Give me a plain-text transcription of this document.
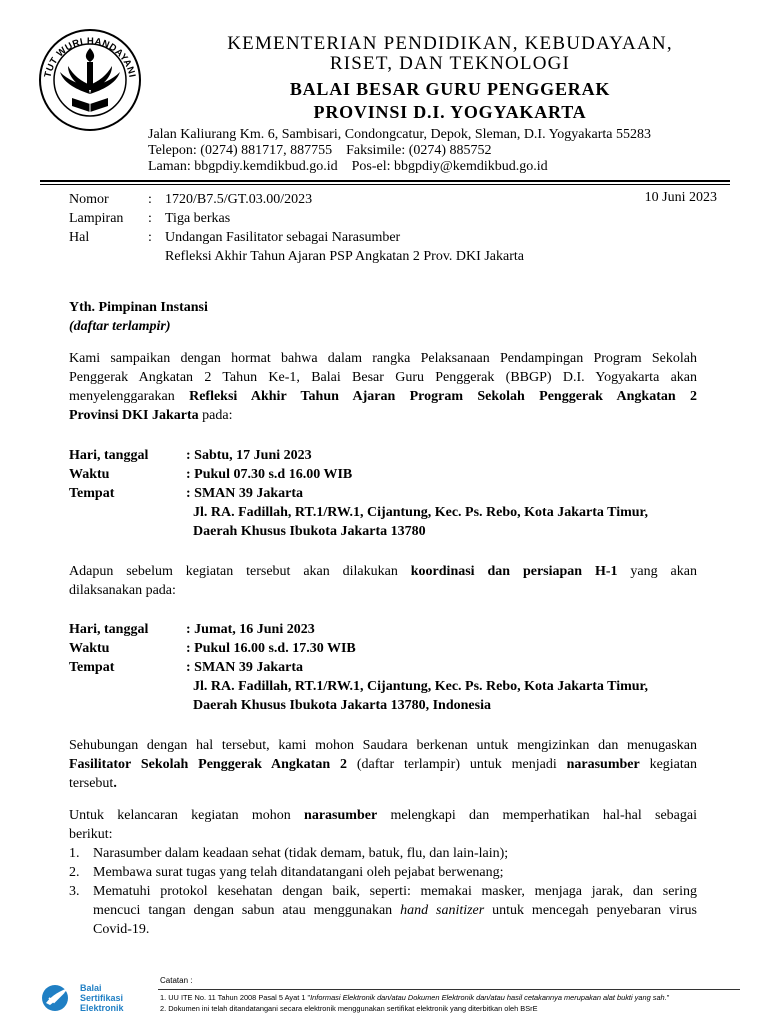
TUT WURI HANDAYANI
KEMENTERIAN PENDIDIKAN, KEBUDAYAAN,
RISET, DAN TEKNOLOGI
BALAI BESAR GURU PENGGERAK
PROVINSI D.I. YOGYAKARTA
Jalan Kaliurang Km. 6, Sambisari, Condongcatur, Depok, Sleman, D.I. Yogyakarta 55283
Telepon: (0274) 881717, 887755 Faksimile: (0274) 885752
Laman: bbgpdiy.kemdikbud.go.id Pos-el: bbgpdiy@kemdikbud.go.id
Nomor	: 1720/B7.5/GT.03.00/2023	10 Juni 2023
Lampiran : Tiga berkas
Hal	: Undangan Fasilitator sebagai Narasumber
Refleksi Akhir Tahun Ajaran PSP Angkatan 2 Prov. DKI Jakarta
Yth. Pimpinan Instansi
(daftar terlampir)
Kami sampaikan dengan hormat bahwa dalam rangka Pelaksanaan Pendampingan Program Sekolah
Penggerak Angkatan 2 Tahun Ke-1, Balai Besar Guru Penggerak (BBGP) D.I. Yogyakarta akan
menyelenggarakan Refleksi Akhir Tahun Ajaran Program Sekolah Penggerak Angkatan 2
Provinsi DKI Jakarta pada:
Hari, tanggal	: Sabtu, 17 Juni 2023
Waktu	: Pukul 07.30 s.d 16.00 WIB
Tempat	: SMAN 39 Jakarta
Jl. RA. Fadillah, RT.1/RW.1, Cijantung, Kec. Ps. Rebo, Kota Jakarta Timur,
Daerah Khusus Ibukota Jakarta 13780
Adapun sebelum kegiatan tersebut akan dilakukan koordinasi dan persiapan H-1 yang akan
dilaksanakan pada:
Hari, tanggal	: Jumat, 16 Juni 2023
Waktu	: Pukul 16.00 s.d. 17.30 WIB
Tempat	: SMAN 39 Jakarta
Jl. RA. Fadillah, RT.1/RW.1, Cijantung, Kec. Ps. Rebo, Kota Jakarta Timur,
Daerah Khusus Ibukota Jakarta 13780, Indonesia
Sehubungan dengan hal tersebut, kami mohon Saudara berkenan untuk mengizinkan dan menugaskan
Fasilitator Sekolah Penggerak Angkatan 2 (daftar terlampir) untuk menjadi narasumber kegiatan
tersebut.
Untuk kelancaran kegiatan mohon narasumber melengkapi dan memperhatikan hal-hal sebagai
berikut:
1. Narasumber dalam keadaan sehat (tidak demam, batuk, flu, dan lain-lain);
2. Membawa surat tugas yang telah ditandatangani oleh pejabat berwenang;
3. Mematuhi protokol kesehatan dengan baik, seperti: memakai masker, menjaga jarak, dan sering
mencuci tangan dengan sabun atau menggunakan hand sanitizer untuk mencegah penyebaran virus
Covid-19.
Balai
Sertifikasi
Elektronik
Catatan :
1. UU ITE No. 11 Tahun 2008 Pasal 5 Ayat 1 "Informasi Elektronik dan/atau Dokumen Elektronik dan/atau hasil cetakannya merupakan alat bukti yang sah."
2. Dokumen ini telah ditandatangani secara elektronik menggunakan sertifikat elektronik yang diterbitkan oleh BSrE
